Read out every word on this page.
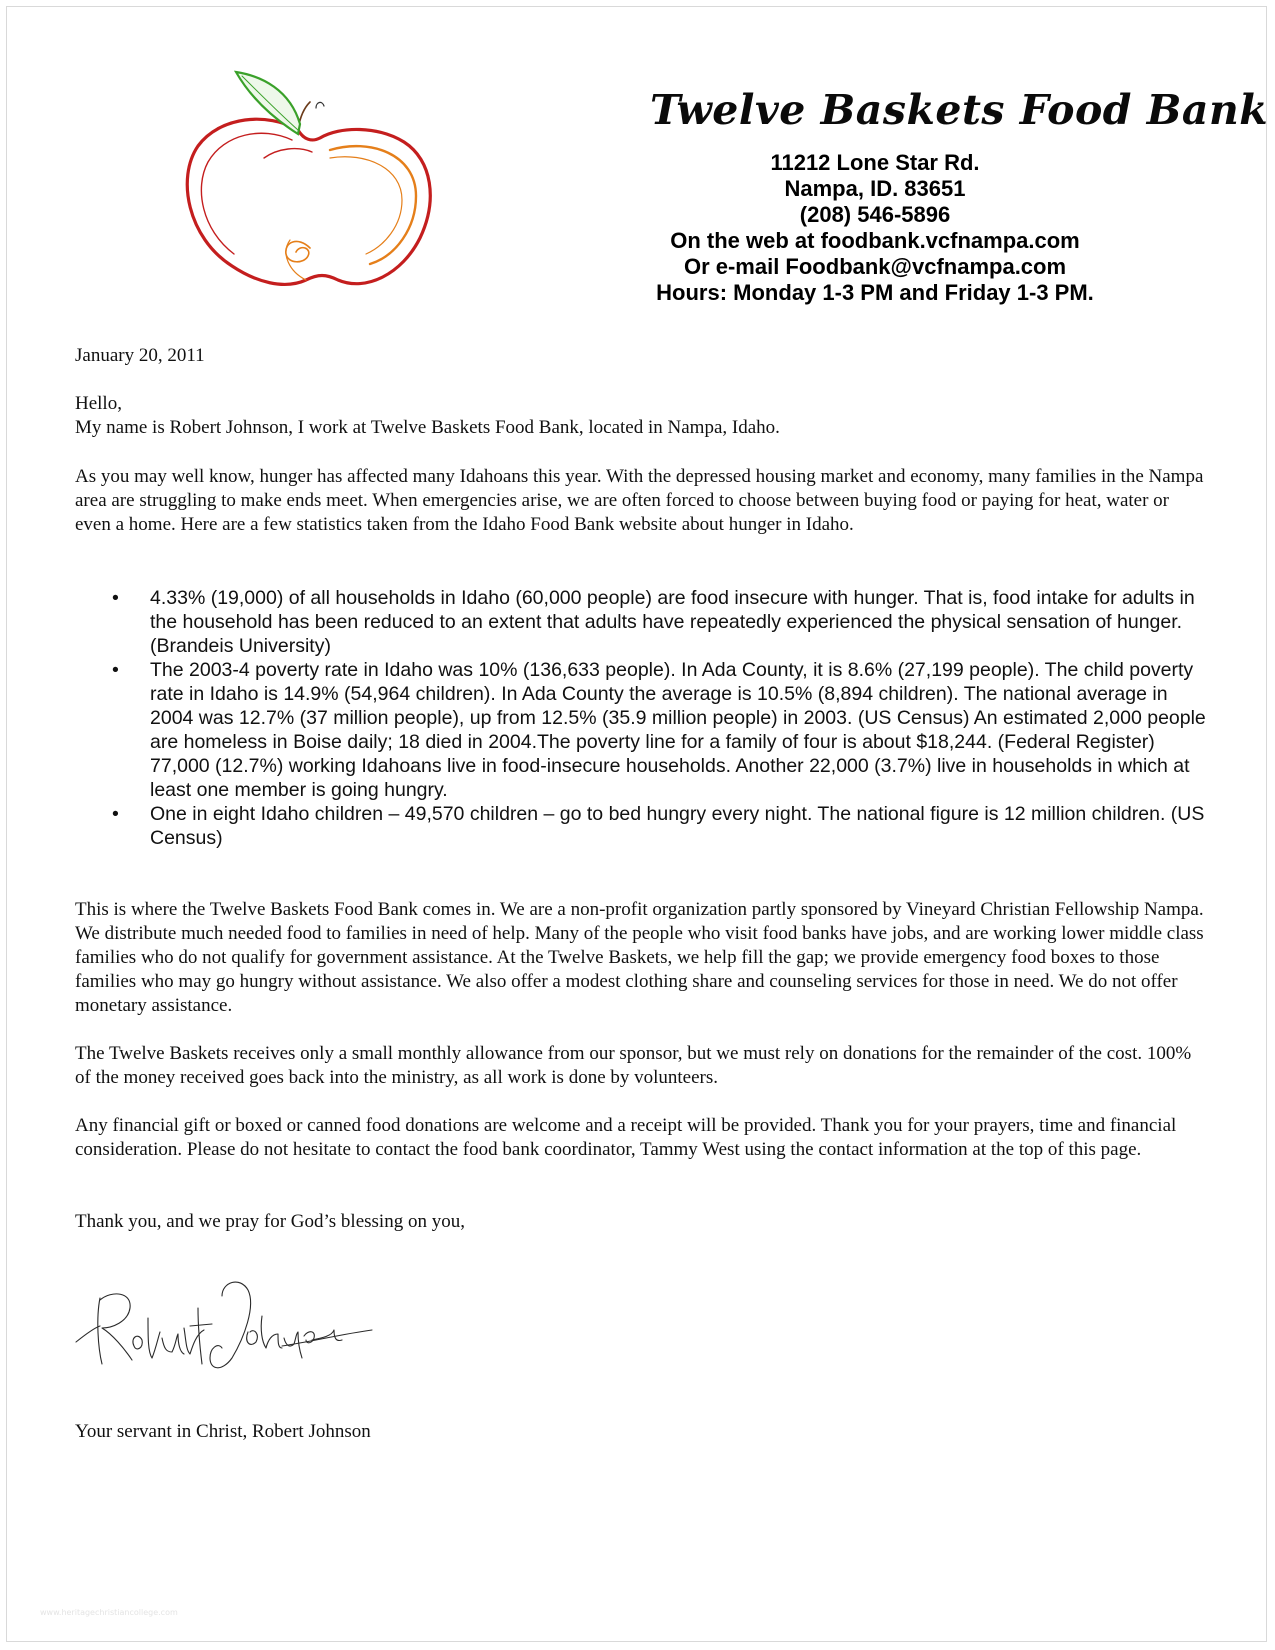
Twelve Baskets Food Bank
11212 Lone Star Rd.
Nampa, ID. 83651
(208) 546-5896
On the web at foodbank.vcfnampa.com
Or e-mail Foodbank@vcfnampa.com
Hours: Monday 1-3 PM and Friday 1-3 PM.
January 20, 2011
Hello,
My name is Robert Johnson, I work at Twelve Baskets Food Bank, located in Nampa, Idaho.
As you may well know, hunger has affected many Idahoans this year. With the depressed housing market and economy, many families in the Nampa area are struggling to make ends meet. When emergencies arise, we are often forced to choose between buying food or paying for heat, water or even a home. Here are a few statistics taken from the Idaho Food Bank website about hunger in Idaho.
• 4.33% (19,000) of all households in Idaho (60,000 people) are food insecure with hunger. That is, food intake for adults in the household has been reduced to an extent that adults have repeatedly experienced the physical sensation of hunger. (Brandeis University)
• The 2003-4 poverty rate in Idaho was 10% (136,633 people). In Ada County, it is 8.6% (27,199 people). The child poverty rate in Idaho is 14.9% (54,964 children). In Ada County the average is 10.5% (8,894 children). The national average in 2004 was 12.7% (37 million people), up from 12.5% (35.9 million people) in 2003. (US Census) An estimated 2,000 people are homeless in Boise daily; 18 died in 2004.The poverty line for a family of four is about $18,244. (Federal Register)
77,000 (12.7%) working Idahoans live in food-insecure households. Another 22,000 (3.7%) live in households in which at least one member is going hungry.
• One in eight Idaho children – 49,570 children – go to bed hungry every night. The national figure is 12 million children. (US Census)
This is where the Twelve Baskets Food Bank comes in. We are a non-profit organization partly sponsored by Vineyard Christian Fellowship Nampa. We distribute much needed food to families in need of help. Many of the people who visit food banks have jobs, and are working lower middle class families who do not qualify for government assistance. At the Twelve Baskets, we help fill the gap; we provide emergency food boxes to those families who may go hungry without assistance. We also offer a modest clothing share and counseling services for those in need. We do not offer monetary assistance.
The Twelve Baskets receives only a small monthly allowance from our sponsor, but we must rely on donations for the remainder of the cost. 100% of the money received goes back into the ministry, as all work is done by volunteers.
Any financial gift or boxed or canned food donations are welcome and a receipt will be provided. Thank you for your prayers, time and financial consideration. Please do not hesitate to contact the food bank coordinator, Tammy West using the contact information at the top of this page.
Thank you, and we pray for God’s blessing on you,
Your servant in Christ, Robert Johnson
www.heritagechristiancollege.com
